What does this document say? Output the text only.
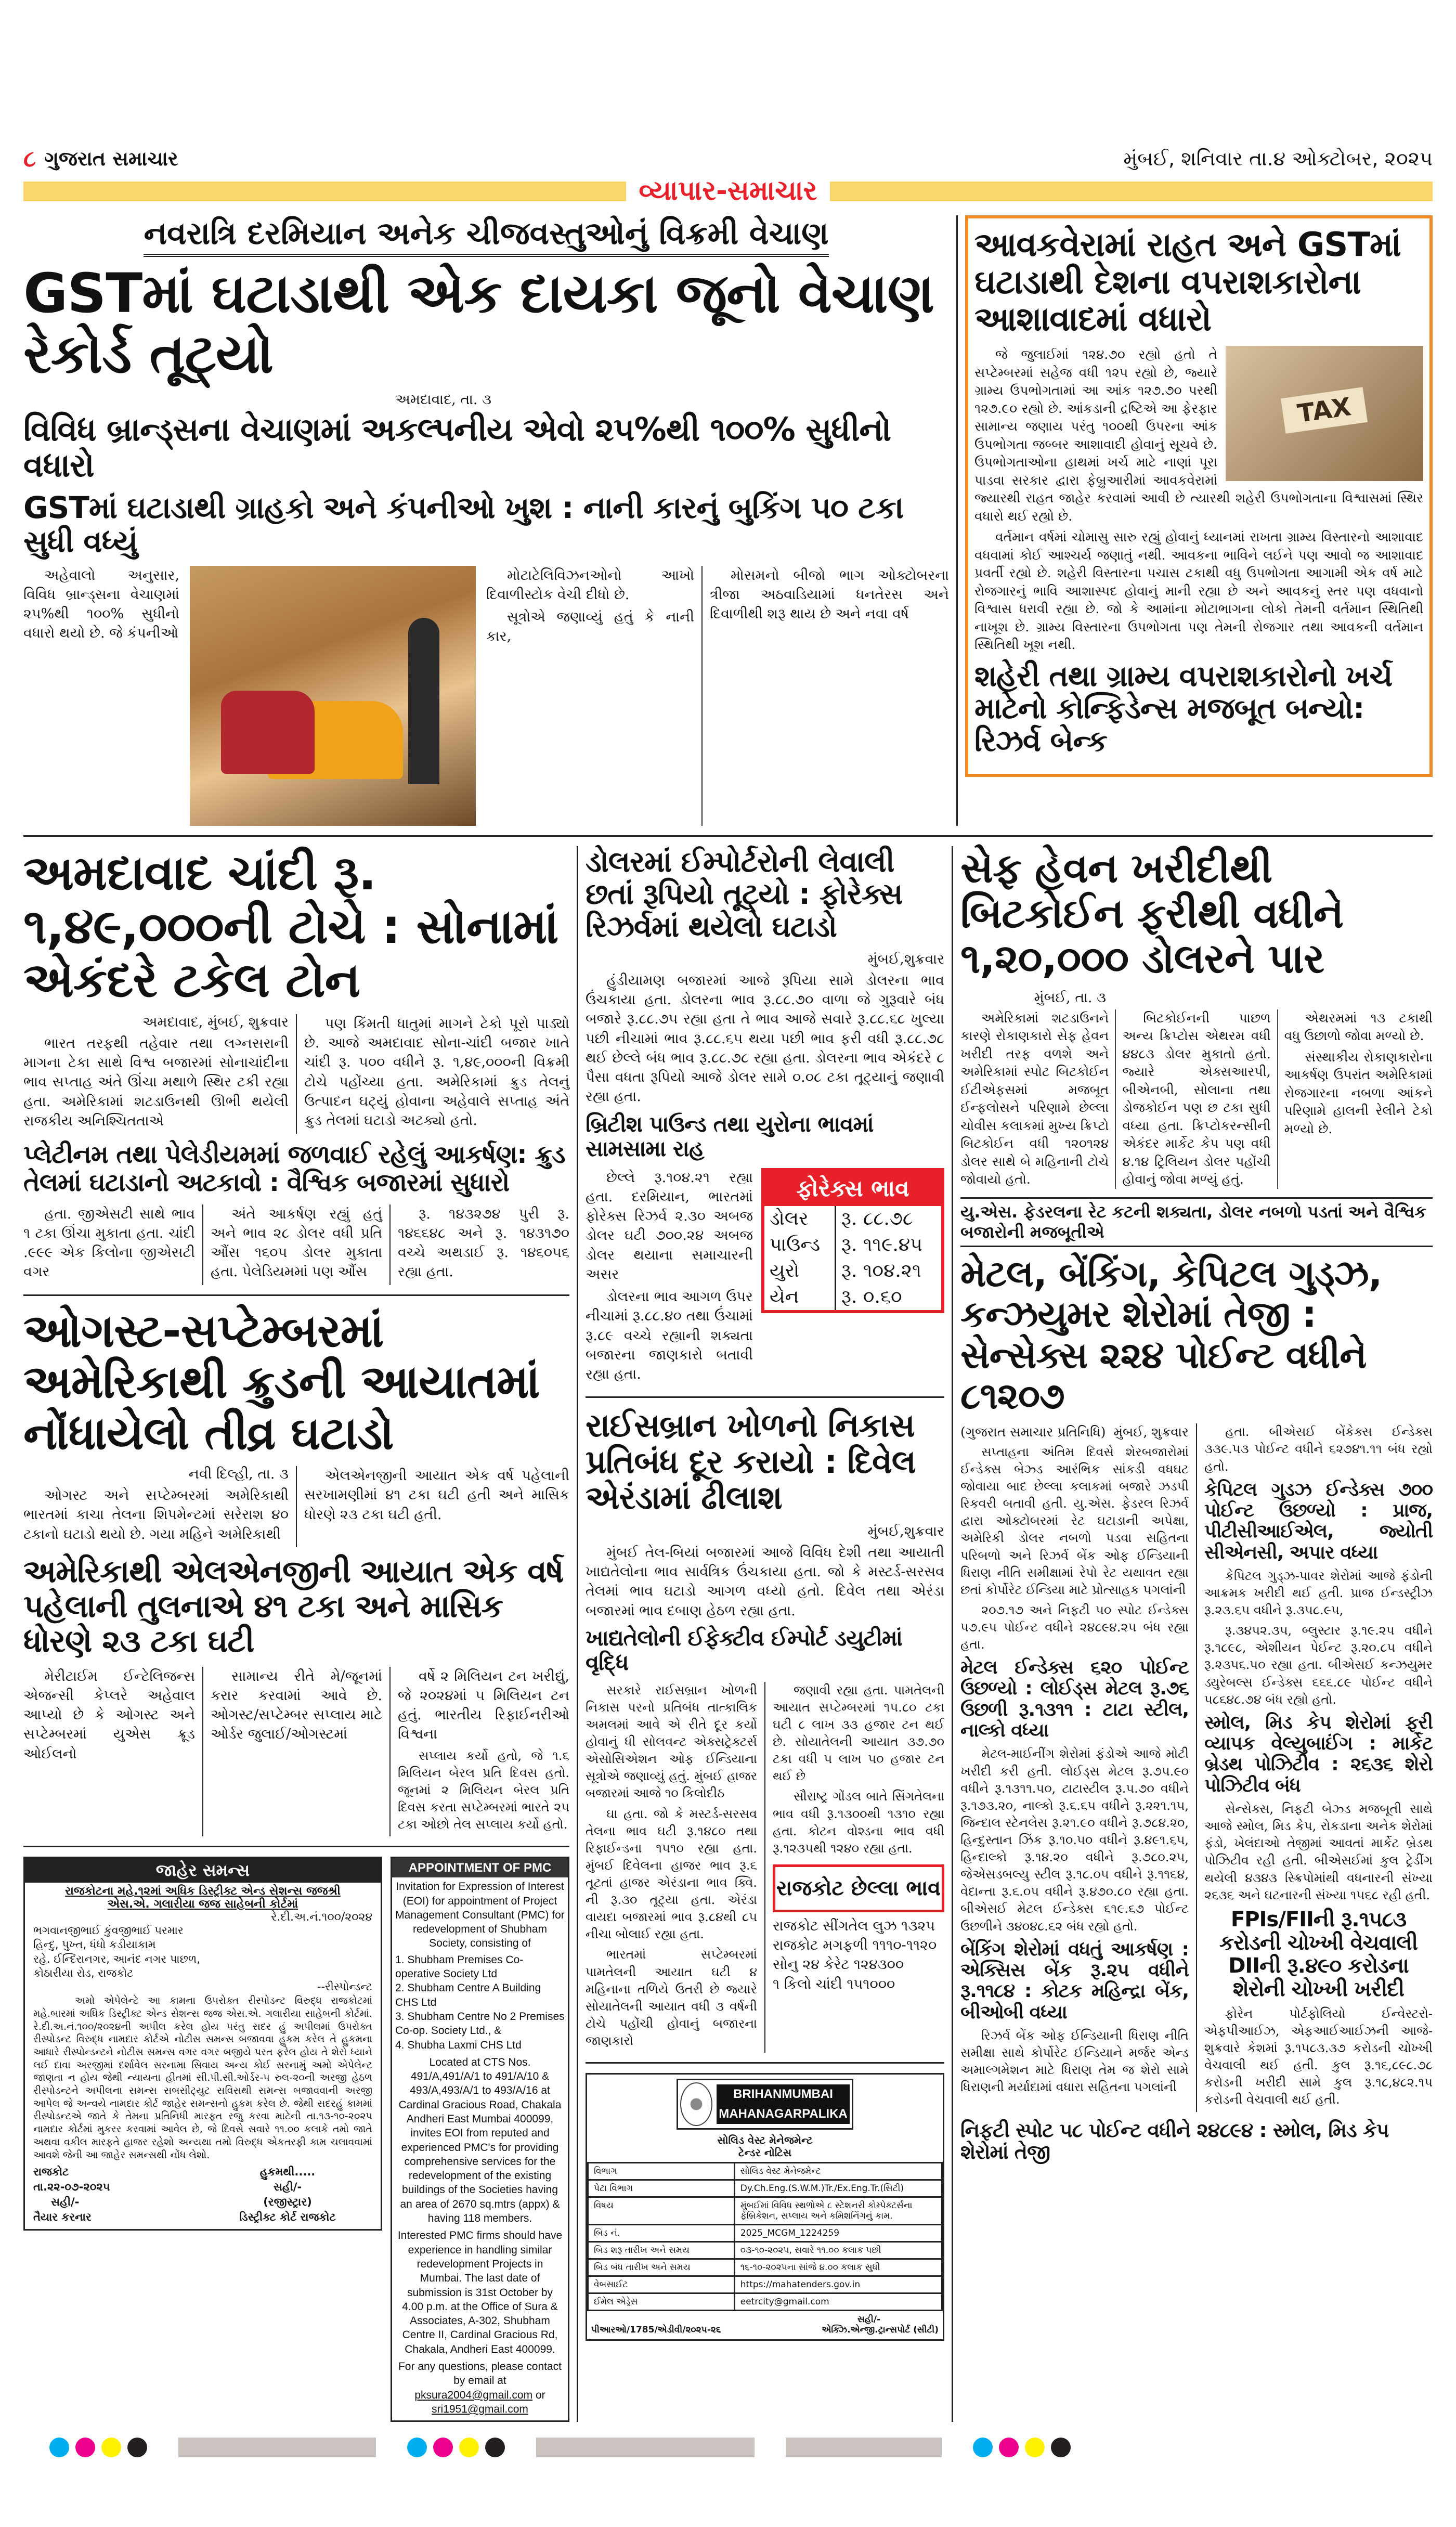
૮ ગુજરાત સમાચાર	મુંબઈ, શનિવાર તા.૪ ઓક્ટોબર, ૨૦૨૫
વ્યાપાર-સમાચાર
નવરાત્રિ દરમિયાન અનેક ચીજવસ્તુઓનું વિક્રમી વેચાણ
GSTમાં ઘટાડાથી એક દાયકા જૂનો વેચાણ રેકોર્ડ તૂટ્યો
અમદાવાદ, તા. ૩
વિવિધ બ્રાન્ડ્સના વેચાણમાં અકલ્પનીય એવો ૨૫%થી ૧૦૦% સુધીનો વધારો
GSTમાં ઘટાડાથી ગ્રાહકો અને કંપનીઓ ખુશ : નાની કારનું બુકિંગ ૫૦ ટકા સુધી વધ્યું

અહેવાલો અનુસાર, વિવિધ બ્રાન્ડ્સના વેચાણમાં ૨૫%થી ૧૦૦% સુધીનો વધારો થયો છે. જે કંપનીઓ

મોટાટેલિવિઝનઓનો આખો દિવાળીસ્ટોક વેચી દીધો છે.

સૂત્રોએ જણાવ્યું હતું કે નાની કાર,

મોસમનો બીજો ભાગ ઓક્ટોબરના ત્રીજા અઠવાડિયામાં ધનતેરસ અને દિવાળીથી શરૂ થાય છે અને નવા વર્ષ

આવકવેરામાં રાહત અને GSTમાં ઘટાડાથી દેશના વપરાશકારોના આશાવાદમાં વધારો
TAX

જે જુલાઈમાં ૧૨૪.૭૦ રહ્યો હતો તે સપ્ટેમ્બરમાં સહેજ વધી ૧૨૫ રહ્યો છે, જ્યારે ગ્રામ્ય ઉપભોગતામાં આ આંક ૧૨૭.૭૦ પરથી ૧૨૭.૯૦ રહ્યો છે. આંકડાની દ્રષ્ટિએ આ ફેરફાર સામાન્ય જણાય પરંતુ ૧૦૦થી ઉપરના આંક ઉપભોગતા જબ્બર આશાવાદી હોવાનું સૂચવે છે. ઉપભોગતાઓના હાથમાં ખર્ચ માટે નાણાં પૂરા પાડવા સરકાર દ્વારા ફેબ્રુઆરીમાં આવકવેરામાં જ્યારથી રાહત જાહેર કરવામાં આવી છે ત્યારથી શહેરી ઉપભોગતાના વિશ્વાસમાં સ્થિર વધારો થઈ રહ્યો છે.

વર્તમાન વર્ષમાં ચોમાસુ સારુ રહ્યું હોવાનું ધ્યાનમાં રાખતા ગ્રામ્ય વિસ્તારનો આશાવાદ વધવામાં કોઈ આશ્ચર્ય જણાતું નથી. આવકના ભાવિને લઈને પણ આવો જ આશાવાદ પ્રવર્તી રહ્યો છે. શહેરી વિસ્તારના પચાસ ટકાથી વધુ ઉપભોગતા આગામી એક વર્ષ માટે રોજગારનું ભાવિ આશાસ્પદ હોવાનું માની રહ્યા છે અને આવકનું સ્તર પણ વધવાનો વિશ્વાસ ધરાવી રહ્યા છે. જો કે આમાંના મોટાભાગના લોકો તેમની વર્તમાન સ્થિતિથી નાખૂશ છે. ગ્રામ્ય વિસ્તારના ઉપભોગતા પણ તેમની રોજગાર તથા આવકની વર્તમાન સ્થિતિથી ખૂશ નથી.

શહેરી તથા ગ્રામ્ય વપરાશકારોનો ખર્ચ માટેનો કોન્ફિડેન્સ મજબૂત બન્યો: રિઝર્વ બેન્ક
અમદાવાદ ચાંદી રૂ. ૧,૪૯,૦૦૦ની ટોચે : સોનામાં એકંદરે ટકેલ ટોન
અમદાવાદ, મુંબઈ, શુક્રવાર

ભારત તરફથી તહેવાર તથા લગ્નસરાની માગના ટેકા સાથે વિશ્વ બજારમાં સોનાચાંદીના ભાવ સપ્તાહ અંતે ઊંચા મથાળે સ્થિર ટકી રહ્યા હતા. અમેરિકામાં શટડાઉનથી ઊભી થયેલી રાજકીય અનિશ્ચિતતાએ

પણ કિંમતી ધાતુમાં માગને ટેકો પૂરો પાડ્યો છે. આજે અમદાવાદ સોના-ચાંદી બજાર ખાતે ચાંદી રૂ. ૫૦૦ વધીને રૂ. ૧,૪૯,૦૦૦ની વિક્રમી ટોચે પહોંચ્યા હતા. અમેરિકામાં ક્રુડ તેલનું ઉત્પાદન ઘટ્યું હોવાના અહેવાલે સપ્તાહ અંતે ક્રુડ તેલમાં ઘટાડો અટક્યો હતો.

પ્લેટીનમ તથા પેલેડીયમમાં જળવાઈ રહેલું આકર્ષણ: ક્રુડ તેલમાં ઘટાડાનો અટકાવો : વૈશ્વિક બજારમાં સુધારો

હતા. જીએસટી સાથે ભાવ ૧ ટકા ઊંચા મુકાતા હતા. ચાંદી .૯૯૯ એક કિલોના જીએસટી વગર

અંતે આકર્ષણ રહ્યું હતું અને ભાવ ૨૮ ડોલર વધી પ્રતિ ઔંસ ૧૬૦૫ ડોલર મુકાતા હતા. પેલેડિયમમાં પણ ઔંસ

રૂ. ૧૪૩૨૭૪ પુરી રૂ. ૧૪૬૬૪૮ અને રૂ. ૧૪૩૧૭૦ વચ્ચે અથડાઈ રૂ. ૧૪૬૦૫૬ રહ્યા હતા.

ઓગસ્ટ-સપ્ટેમ્બરમાં અમેરિકાથી ક્રુડની આયાતમાં નોંધાયેલો તીવ્ર ઘટાડો
નવી દિલ્હી, તા. ૩

ઓગસ્ટ અને સપ્ટેમ્બરમાં અમેરિકાથી ભારતમાં કાચા તેલના શિપમેન્ટમાં સરેરાશ ૪૦ ટકાનો ઘટાડો થયો છે. ગયા મહિને અમેરિકાથી

એલએનજીની આયાત એક વર્ષ પહેલાની સરખામણીમાં ૪૧ ટકા ઘટી હતી અને માસિક ધોરણે ૨૩ ટકા ઘટી હતી.

અમેરિકાથી એલએનજીની આયાત એક વર્ષ પહેલાની તુલનાએ ૪૧ ટકા અને માસિક ધોરણે ૨૩ ટકા ઘટી

મેરીટાઈમ ઈન્ટેલિજન્સ એજન્સી કેપ્લરે અહેવાલ આપ્યો છે કે ઓગસ્ટ અને સપ્ટેમ્બરમાં યુએસ ક્રૂડ ઓઈલનો

સામાન્ય રીતે મે/જૂનમાં કરાર કરવામાં આવે છે. ઓગસ્ટ/સપ્ટેમ્બર સપ્લાય માટે ઓર્ડર જુલાઈ/ઓગસ્ટમાં

વર્ષે ૨ મિલિયન ટન ખરીદ્યું, જે ૨૦૨૪માં ૫ મિલિયન ટન હતું. ભારતીય રિફાઈનરીઓ વિશ્વના

સપ્લાય કર્યો હતો, જે ૧.૬ મિલિયન બેરલ પ્રતિ દિવસ હતો. જૂનમાં ૨ મિલિયન બેરલ પ્રતિ દિવસ કરતા સપ્ટેમ્બરમાં ભારતે ૨૫ ટકા ઓછો તેલ સપ્લાય કર્યો હતો.

જાહેર સમન્સ
રાજકોટના મહે.૧૨માં અધિક ડિસ્ટ્રીક્ટ એન્ડ સેશન્સ જજશ્રી
એસ.એ. ગલારીયા જજ સાહેબની કોર્ટમાં
રે.દી.અ.નં.૧૦૦/૨૦૨૪
ભગવાનજીભાઈ કુંવજીભાઈ પરમાર
હિન્દુ, પુખ્ત, ધંધો કડીયાકામ
રહે. ઈન્દિરાનગર, આનંદ નગર પાછળ,
કોઠારીયા રોડ, રાજકોટ
--રીસ્પોન્ડન્ટ

અમો એપેલેન્ટે આ કામના ઉપરોક્ત રીસ્પોડન્ટ વિરુદ્ધ રાજકોટમાં મહે.બારમાં અધિક ડિસ્ટ્રીક્ટ એન્ડ સેશન્સ જજ એસ.એ. ગલારીયા સાહેબની કોર્ટમાં. રે.દી.અ.નં.૧૦૦/૨૦૨૪ની અપીલ કરેલ હોય પરંતુ સદર હું અપીલમાં ઉપરોક્ત રીસ્પોડન્ટ વિરુદ્ધ નામદાર કોર્ટએ નોટીસ સમન્સ બજાવવા હુકમ કરેલ તે હુકમના આધારે રીસ્પોન્ડન્ટને નોટીસ સમન્સ વગર વગર બજીયે પરત ફરેલ હોય તે શેરો ધ્યાને લઈ દાવા અરજીમાં દર્શાવેલ સરનામા સિવાય અન્ય કોઈ સરનામું અમો એપેલેન્ટ જાણતા ન હોય જેથી ન્યાયના હીતમાં સી.પી.સી.ઓર્ડર-૫ રુલ-૨૦ની અરજી હેઠળ રીસ્પોડન્ટને અપીલના સમન્સ સબસીટ્યુટ સવિસથી સમન્સ બજાવવાની અરજી આપેલ જે અન્વયે નામદાર કોર્ટ જાહેર સમન્સનો હુકમ કરેલ છે. જેથી સદરહું કામમાં રીસ્પોડન્ટએ જાતે કે તેમના પ્રતિનિધી મારફત રજુ કરવા માટેની તા.૧૩-૧૦-૨૦૨૫ નામદાર કોર્ટમાં મુકરર કરવામાં આવેલ છે, જે દિવસે સવારે ૧૧.૦૦ કલાકે તમો જાતે અથવા વકીલ મારફતે હાજર રહેશો અન્યથા તમો વિરુદ્ધ એકતરફી કામ ચલાવવામાં આવશે જેની આ જાહેર સમન્સથી નોંધ લેશો.

રાજકોટ	હુકમથી.....
તા.૨૨-૦૭-૨૦૨૫	સહી/-
સહી/-	(રજીસ્ટ્રાર)
તૈયાર કરનાર	ડિસ્ટ્રીક્ટ કોર્ટ રાજકોટ
APPOINTMENT OF PMC
Invitation for Expression of Interest (EOI) for appointment of Project Management Consultant (PMC) for redevelopment of Shubham Society, consisting of
1. Shubham Premises Co-operative Society Ltd
2. Shubham Centre A Building CHS Ltd
3. Shubham Centre No 2 Premises Co-op. Society Ltd., &
4. Shubha Laxmi CHS Ltd
Located at CTS Nos. 491/A,491/A/1 to 491/A/10 & 493/A,493/A/1 to 493/A/16 at Cardinal Gracious Road, Chakala Andheri East Mumbai 400099, invites EOI from reputed and experienced PMC's for providing comprehensive services for the redevelopment of the existing buildings of the Societies having an area of 2670 sq.mtrs (appx) & having 118 members.
Interested PMC firms should have experience in handling similar redevelopment Projects in Mumbai. The last date of submission is 31st October by 4.00 p.m. at the Office of Sura & Associates, A-302, Shubham Centre II, Cardinal Gracious Rd, Chakala, Andheri East 400099.
For any questions, please contact by email at pksura2004@gmail.com or sri1951@gmail.com
ડોલરમાં ઈમ્પોર્ટરોની લેવાલી છતાં રૂપિયો તૂટ્યો : ફોરેક્સ રિઝર્વમાં થયેલો ઘટાડો
મુંબઈ,શુક્રવાર

હુંડીયામણ બજારમાં આજે રૂપિયા સામે ડોલરના ભાવ ઉંચકાયા હતા. ડોલરના ભાવ રૂ.૮૮.૭૦ વાળા જે ગુરૂવારે બંધ બજારે રૂ.૮૮.૭૫ રહ્યા હતા તે ભાવ આજે સવારે રૂ.૮૮.૬૮ ખુલ્યા પછી નીચામાં ભાવ રૂ.૮૮.૬૫ થયા પછી ભાવ ફરી વધી રૂ.૮૮.૭૮ થઈ છેલ્લે બંધ ભાવ રૂ.૮૮.૭૮ રહ્યા હતા. ડોલરના ભાવ એકંદરે ૮ પૈસા વધતા રૂપિયો આજે ડોલર સામે ૦.૦૮ ટકા તૂટ્યાનું જણાવી રહ્યા હતા.

બ્રિટીશ પાઉન્ડ તથા યુરોના ભાવમાં સામસામા રાહ

છેલ્લે રૂ.૧૦૪.૨૧ રહ્યા હતા. દરમિયાન, ભારતમાં ફોરેક્સ રિઝર્વ ૨.૩૦ અબજ ડોલર ઘટી ૭૦૦.૨૪ અબજ ડોલર થયાના સમાચારની અસર

ડોલરના ભાવ આગળ ઉપર નીચામાં રૂ.૮૮.૪૦ તથા ઉંચામાં રૂ.૮૯ વચ્ચે રહ્યાની શક્યતા બજારના જાણકારો બતાવી રહ્યા હતા.

ફોરેક્સ ભાવ
ડોલર	રૂ. ૮૮.૭૮
પાઉન્ડ	રૂ. ૧૧૯.૪૫
યુરો	રૂ. ૧૦૪.૨૧
યેન	રૂ. ૦.૬૦
રાઈસબ્રાન ખોળનો નિકાસ પ્રતિબંધ દૂર કરાયો : દિવેલ એરંડામાં ઢીલાશ
મુંબઈ,શુક્રવાર

મુંબઈ તેલ-બિયાં બજારમાં આજે વિવિધ દેશી તથા આયાતી ખાદ્યતેલોના ભાવ સાર્વત્રિક ઉંચકાયા હતા. જો કે મસ્ટર્ડ-સરસવ તેલમાં ભાવ ઘટાડો આગળ વધ્યો હતો. દિવેલ તથા એરંડા બજારમાં ભાવ દબાણ હેઠળ રહ્યા હતા.

ખાદ્યતેલોની ઈફેક્ટીવ ઈમ્પોર્ટ ડયુટીમાં વૃદ્ધિ

સરકારે રાઈસબ્રાન ખોળની નિકાસ પરનો પ્રતિબંધ તાત્કાલિક અમલમાં આવે એ રીતે દૂર કર્યો હોવાનું ધી સોલવન્ટ એક્સટ્રેક્ટર્સ એસોસિએશન ઓફ ઈન્ડિયાના સૂત્રોએ જણાવ્યું હતું. મુંબઈ હાજર બજારમાં આજે ૧૦ કિલોદીઠ

ઘા હતા. જો કે મસ્ટર્ડ-સરસવ તેલના ભાવ ઘટી રૂ.૧૪૮૦ તથા રિફાઈન્ડના ૧૫૧૦ રહ્યા હતા. મુંબઈ દિવેલના હાજર ભાવ રૂ.૬ તૂટતાં હાજર એરંડાના ભાવ ક્વિ. ની રૂ.૩૦ તૂટ્યા હતા. એરંડા વાયદા બજારમાં ભાવ રૂ.૮૪થી ૮૫ નીચા બોલાઈ રહ્યા હતા.

ભારતમાં સપ્ટેમ્બરમાં પામતેલની આયાત ઘટી ૪ મહિનાના તળિયે ઉતરી છે જ્યારે સોયાતેલની આયાત વધી ૩ વર્ષની ટોચે પહોંચી હોવાનું બજારના જાણકારો

જણાવી રહ્યા હતા. પામતેલની આયાત સપ્ટેમ્બરમાં ૧૫.૮૦ ટકા ઘટી ૮ લાખ ૩૩ હજાર ટન થઈ છે. સોયાતેલની આયાત ૩૭.૭૦ ટકા વધી ૫ લાખ ૫૦ હજાર ટન થઈ છે

સૌરાષ્ટ્ર ગોંડલ બાતે સિંગતેલના ભાવ વધી રૂ.૧૩૦૦થી ૧૩૧૦ રહ્યા હતા. કોટન વોશ્ડના ભાવ વધી રૂ.૧૨૩૫થી ૧૨૪૦ રહ્યા હતા.

રાજકોટ છેલ્લા ભાવ
રાજકોટ સીંગતેલ લુઝ ૧૩૨૫
રાજકોટ મગફળી ૧૧૧૦-૧૧૨૦
સોનુ ૨૪ કેરેટ ૧૨૪૩૦૦
૧ કિલો ચાંદી ૧૫૧૦૦૦
BRIHANMUMBAI
MAHANAGARPALIKA
સોલિડ વેસ્ટ મેનેજમેન્ટ
ટેન્ડર નોટિસ
વિભાગ	સોલિડ વેસ્ટ મેનેજમેન્ટ
પેટા વિભાગ	Dy.Ch.Eng.(S.W.M.)Tr./Ex.Eng.Tr.(સિટી)
વિષય	મુંબઈમાં વિવિધ સ્થળોએ ૮ સ્ટેશનરી કોમ્પેક્ટર્સના ફેબ્રિકેશન, સપ્લાય અને કમિશનિંગનું કામ.
બિડ નં.	2025_MCGM_1224259
બિડ શરૂ તારીખ અને સમય	૦૩-૧૦-૨૦૨૫, સવારે ૧૧.૦૦ કલાક પછી
બિડ બંધ તારીખ અને સમય	૧૬-૧૦-૨૦૨૫ના સાંજે ૪.૦૦ કલાક સુધી
વેબસાઈટ	https://mahatenders.gov.in
ઈમેલ એડ્રેસ	eetrcity@gmail.com
સહી/-
પીઆરઓ/1785/એડીવી/૨૦૨૫-૨૬	એક્ઝિ.એન્જી.ટ્રાન્સપોર્ટ (સીટી)
સેફ હેવન ખરીદીથી બિટકોઈન ફરીથી વધીને ૧,૨૦,૦૦૦ ડોલરને પાર
મુંબઈ, તા. ૩

અમેરિકામાં શટડાઉનને કારણે રોકાણકારો સેફ હેવન ખરીદી તરફ વળશે અને અમેરિકામાં સ્પોટ બિટકોઈન ઈટીએફસમાં મજબૂત ઈન્ફલોસને પરિણામે છેલ્લા ચોવીસ કલાકમાં મુખ્ય ક્રિપ્ટો બિટકોઈન વધી ૧૨૦૧૨૪ ડોલર સાથે બે મહિનાની ટોચે જોવાયો હતો.

બિટકોઈનની પાછળ અન્ય ક્રિપ્ટોસ એથરમ વધી ૪૪૮૩ ડોલર મુકાતો હતો. જ્યારે એક્સઆરપી, બીએનબી, સોલાના તથા ડોજકોઈન પણ છ ટકા સુધી વધ્યા હતા. ક્રિપ્ટોકરન્સીની એકંદર માર્કેટ કેપ પણ વધી ૪.૧૪ ટ્રિલિયન ડોલર પહોંચી હોવાનું જોવા મળ્યું હતું.

એથરમમાં ૧૩ ટકાથી વધુ ઉછાળો જોવા મળ્યો છે.

સંસ્થાકીય રોકાણકારોના આકર્ષણ ઉપરાંત અમેરિકામાં રોજગારના નબળા આંકને પરિણામે હાલની રેલીને ટેકો મળ્યો છે.

યુ.એસ. ફેડરલના રેટ કટની શક્યતા, ડોલર નબળો પડતાં અને વૈશ્વિક બજારોની મજબૂતીએ
મેટલ, બેંકિંગ, કેપિટલ ગુડ્ઝ, કન્ઝયુમર શેરોમાં તેજી : સેન્સેક્સ ૨૨૪ પોઈન્ટ વધીને ૮૧૨૦૭
(ગુજરાત સમાચાર પ્રતિનિધિ) મુંબઈ, શુક્રવાર

સપ્તાહના અંતિમ દિવસે શેરબજારોમાં ઈન્ડેક્સ બેઝ્ડ આરંભિક સાંકડી વધઘટ જોવાયા બાદ છેલ્લા કલાકમાં બજારે ઝડપી રિકવરી બતાવી હતી. યુ.એસ. ફેડરલ રિઝર્વ દ્વારા ઓક્ટોબરમાં રેટ ઘટાડાની અપેક્ષા, અમેરિકી ડોલર નબળો પડવા સહિતના પરિબળો અને રિઝર્વ બેંક ઓફ ઈન્ડિયાની ધિરાણ નીતિ સમીક્ષામાં રેપો રેટ યથાવત રહ્યા છતાં કોર્પોરેટ ઈન્ડિયા માટે પ્રોત્સાહક પગલાંની

૨૦૭.૧૭ અને નિફટી ૫૦ સ્પોટ ઈન્ડેક્સ ૫૭.૯૫ પોઈન્ટ વધીને ૨૪૮૯૪.૨૫ બંધ રહ્યા હતા.

મેટલ ઈન્ડેક્સ ૬૨૦ પોઈન્ટ ઉછળ્યો : લોઈડ્સ મેટલ રૂ.૭૬ ઉછળી રૂ.૧૩૧૧ : ટાટા સ્ટીલ, નાલ્કો વધ્યા

મેટલ-માઈનીંગ શેરોમાં ફંડોએ આજે મોટી ખરીદી કરી હતી. લોઈડ્સ મેટલ રૂ.૭૫.૯૦ વધીને રૂ.૧૩૧૧.૫૦, ટાટાસ્ટીલ રૂ.૫.૭૦ વધીને રૂ.૧૭૩.૨૦, નાલ્કો રૂ.૬.૬૫ વધીને રૂ.૨૨૧.૧૫, જિન્દાલ સ્ટેનલેસ રૂ.૨૧.૯૦ વધીને રૂ.૭૮૪.૨૦, હિન્દુસ્તાન ઝિંક રૂ.૧૦.૫૦ વધીને રૂ.૪૯૧.૬૫, હિન્દાલ્કો રૂ.૧૪.૨૦ વધીને રૂ.૭૮૦.૨૫, જેએસડબલ્યુ સ્ટીલ રૂ.૧૮.૦૫ વધીને રૂ.૧૧૬૪, વેદાન્તા રૂ.૬.૦૫ વધીને રૂ.૪૭૦.૮૦ રહ્યા હતા. બીએસઈ મેટલ ઈન્ડેક્સ ૬૧૯.૬૭ પોઈન્ટ ઉછળીને ૩૪૦૪૮.૬૨ બંધ રહ્યો હતો.

બેંકિંગ શેરોમાં વધતું આકર્ષણ : એક્સિસ બેંક રૂ.૨૫ વધીને રૂ.૧૧૮૪ : કોટક મહિન્દ્રા બેંક, બીઓબી વધ્યા

રિઝર્વ બેંક ઓફ ઈન્ડિયાની ધિરાણ નીતિ સમીક્ષા સાથે કોર્પોરેટ ઈન્ડિયાને મર્જર એન્ડ અમાલ્ગમેશન માટે ધિરાણ તેમ જ શેરો સામે ધિરાણની મર્યાદામાં વધારા સહિતના પગલાંની

હતા. બીએસઈ બેંકેક્સ ઈન્ડેક્સ ૩૩૯.૫૩ પોઈન્ટ વધીને ૬૨૭૪૧.૧૧ બંધ રહ્યો હતો.

કેપિટલ ગુડઝ ઈન્ડેક્સ ૭૦૦ પોઈન્ટ ઉછળ્યો : પ્રાજ, પીટીસીઆઈએલ, જ્યોતી સીએનસી, અપાર વધ્યા

કેપિટલ ગુડ્ઝ-પાવર શેરોમાં આજે ફંડોની આક્રમક ખરીદી થઈ હતી. પ્રાજ ઈન્ડસ્ટ્રીઝ રૂ.૨૩.૬૫ વધીને રૂ.૩૫૮.૯૫,

રૂ.૩૪૫૨.૩૫, બ્લુસ્ટાર રૂ.૧૯.૨૫ વધીને રૂ.૧૮૯૮, એશીયન પેઈન્ટ રૂ.૨૦.૮૫ વધીને રૂ.૨૩૫૬.૫૦ રહ્યા હતા. બીએસઈ કન્ઝયુમર ડ્યુરેબલ્સ ઈન્ડેક્સ ૬૬૬.૮૯ પોઈન્ટ વધીને ૫૮૬૪૮.૭૪ બંધ રહ્યો હતો.

સ્મોલ, મિડ કેપ શેરોમાં ફરી વ્યાપક વેલ્યુબાઈંગ : માર્કેટ બ્રેડથ પોઝિટીવ : ૨૬૩૬ શેરો પોઝિટીવ બંધ

સેન્સેક્સ, નિફટી બેઝ્ડ મજબૂતી સાથે આજે સ્મોલ, મિડ કેપ, રોકડાના અનેક શેરોમાં ફંડો, ખેલંદાઓ તેજીમાં આવતાં માર્કેટ બ્રેડથ પોઝિટીવ રહી હતી. બીએસઈમાં કુલ ટ્રેડીંગ થયેલી ૪૩૪૩ સ્ક્રિપોમાંથી વધનારની સંખ્યા ૨૬૩૬ અને ઘટનારની સંખ્યા ૧૫૬૮ રહી હતી.

FPIs/FIIની રૂ.૧૫૮૩ કરોડની ચોખ્ખી વેચવાલી DIIની રૂ.૪૯૦ કરોડના શેરોની ચોખ્ખી ખરીદી

ફોરેન પોર્ટફોલિયો ઈન્વેસ્ટરો-એફપીઆઈઝ, એફઆઈઆઈઝની આજે-શુક્રવારે કેશમાં રૂ.૧૫૮૩.૩૭ કરોડની ચોખ્ખી વેચવાલી થઈ હતી. કુલ રૂ.૧૬,૮૯૮.૭૮ કરોડની ખરીદી સામે કુલ રૂ.૧૮,૪૮૨.૧૫ કરોડની વેચવાલી થઈ હતી.

નિફટી સ્પોટ ૫૮ પોઈન્ટ વધીને ૨૪૮૯૪ : સ્મોલ, મિડ કેપ શેરોમાં તેજી
